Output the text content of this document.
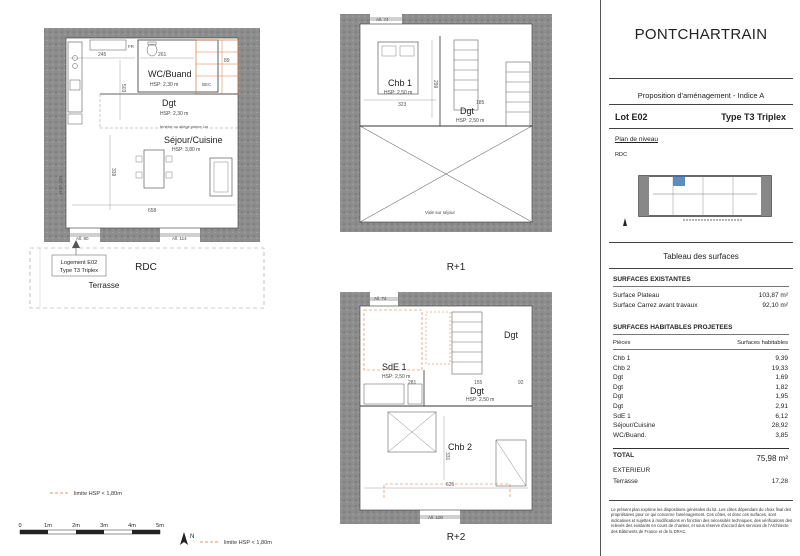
245	261
89
FR
BEC
WC/Buand
HSP: 2,30 m
503
Dgt
HSP: 2,30 m
fenêtre ou allège pleine 1m
Séjour/Cuisine
HSP: 3,80 m
339
658
HSP 220
All. 80	All. 114
Logement E02
Type T3 Triplex
Terrasse
RDC
Chb 1
HSP: 2,50 m
323
299
Dgt
HSP: 2,50 m
185
Vide sur séjour
All. 74
R+1
Dgt
SdE 1
HSP: 2,50 m
281	155	92
Dgt
HSP: 2,50 m
Chb 2
331
625
All. 74
All. 100
R+2
limite HSP < 1,80m
limite HSP < 1,80m
0	1m	2m	3m	4m	5m
N
PONTCHARTRAIN
Proposition d'aménagement - Indice A
Lot E02	Type T3 Triplex
Plan de niveau
RDC
Tableau des surfaces
SURFACES EXISTANTES
Surface Plateau	103,87 m²
Surface Carrez avant travaux	92,10 m²
SURFACES HABITABLES PROJETEES
Pièces	Surfaces habitables
Chb 1	9,39
Chb 2	19,33
Dgt	1,69
Dgt	1,82
Dgt	1,95
Dgt	2,91
SdE 1	6,12
Séjour/Cuisine	28,92
WC/Buand.	3,85
TOTAL	75,98 m²
EXTERIEUR
Terrasse	17,28
Le présent plan exprime les dispositions générales du lot. Les côtes dépendant du choix final des propriétaires pour ce qui concerne l'aménagement. Ces côtes, et donc ces surfaces, sont indicatives et sujettes à modifications en fonction des nécessités techniques, des vérifications des relevés des existants en cours de chantier, et sous réserve d'accord des services de l'Architecte des Bâtiments de France et de la DRAC.
